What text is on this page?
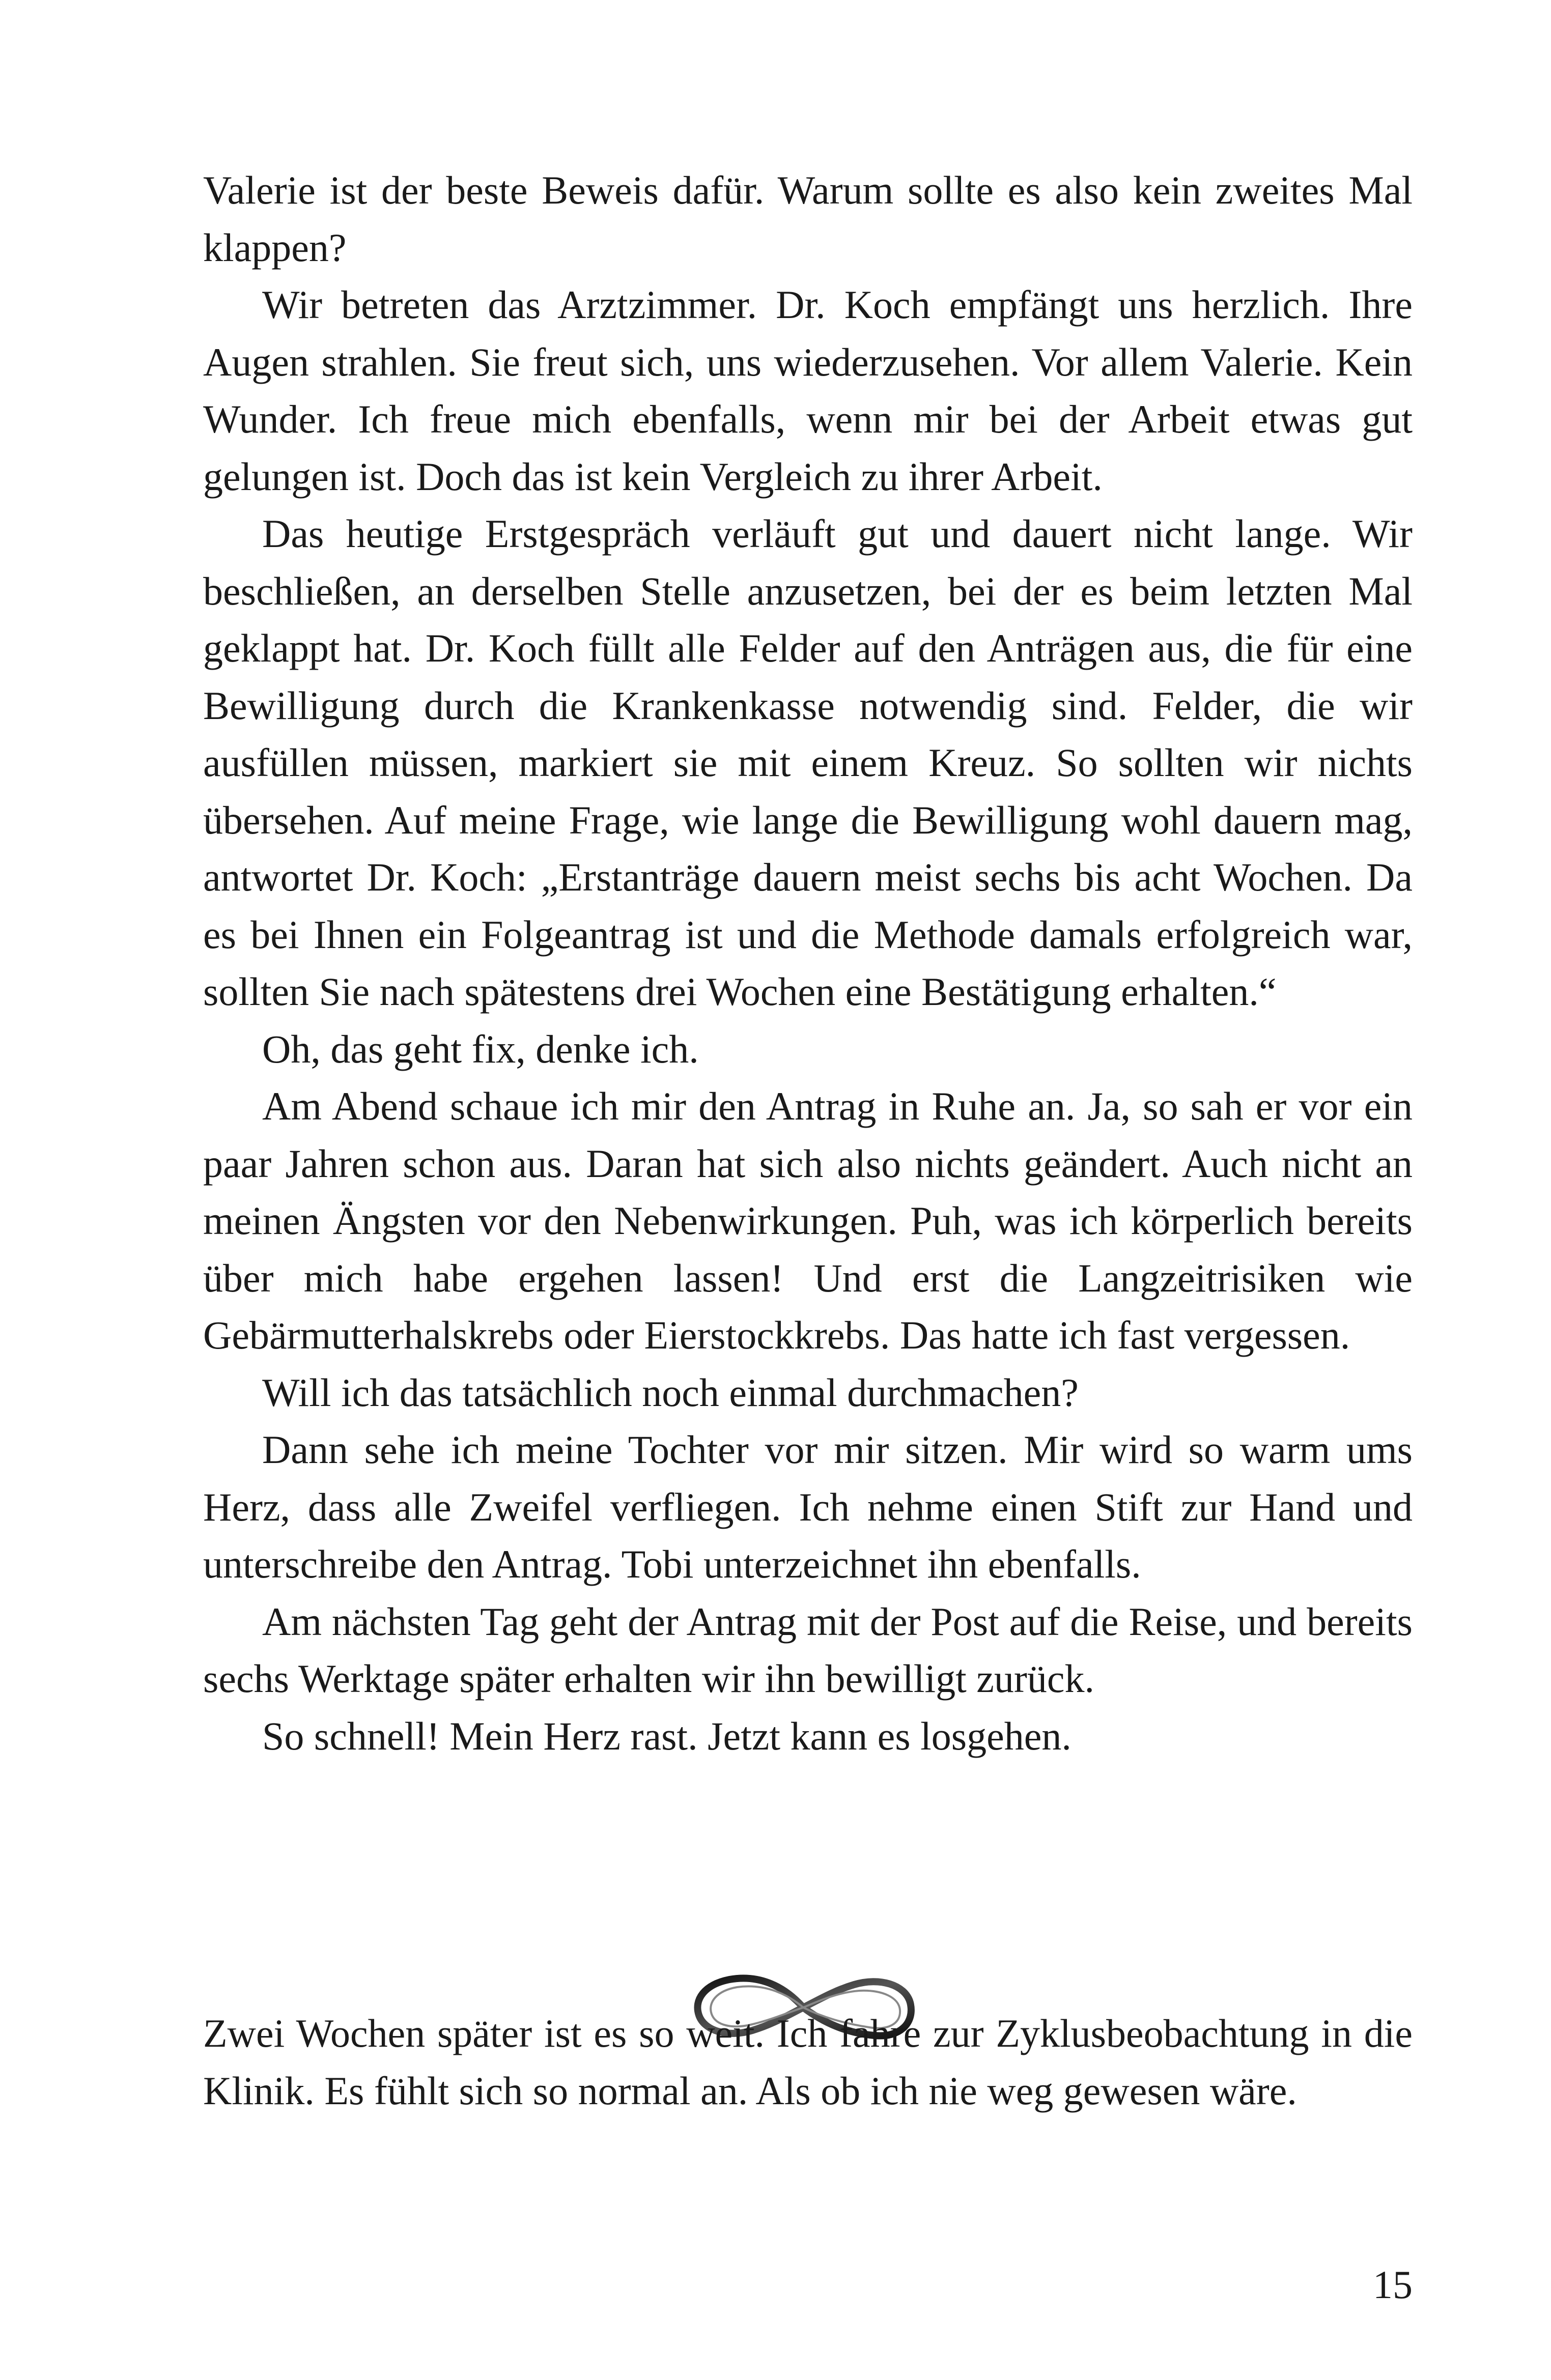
Valerie ist der beste Beweis dafür. Warum sollte es also kein zweites Mal klappen?

Wir betreten das Arztzimmer. Dr. Koch empfängt uns herzlich. Ihre Augen strahlen. Sie freut sich, uns wiederzusehen. Vor allem Valerie. Kein Wunder. Ich freue mich ebenfalls, wenn mir bei der Arbeit etwas gut gelungen ist. Doch das ist kein Vergleich zu ihrer Arbeit.

Das heutige Erstgespräch verläuft gut und dauert nicht lange. Wir beschließen, an derselben Stelle anzusetzen, bei der es beim letzten Mal geklappt hat. Dr. Koch füllt alle Felder auf den Anträgen aus, die für eine Bewilligung durch die Krankenkasse notwendig sind. Felder, die wir ausfüllen müssen, markiert sie mit einem Kreuz. So sollten wir nichts übersehen. Auf meine Frage, wie lange die Bewilligung wohl dauern mag, antwortet Dr. Koch: „Erstanträge dauern meist sechs bis acht Wochen. Da es bei Ihnen ein Folgeantrag ist und die Methode damals erfolgreich war, sollten Sie nach spätestens drei Wochen eine Bestätigung erhalten.“

Oh, das geht fix, denke ich.

Am Abend schaue ich mir den Antrag in Ruhe an. Ja, so sah er vor ein paar Jahren schon aus. Daran hat sich also nichts geändert. Auch nicht an meinen Ängsten vor den Nebenwirkungen. Puh, was ich körperlich bereits über mich habe ergehen lassen! Und erst die Langzeitrisiken wie Gebärmutterhalskrebs oder Eierstockkrebs. Das hatte ich fast vergessen.

Will ich das tatsächlich noch einmal durchmachen?

Dann sehe ich meine Tochter vor mir sitzen. Mir wird so warm ums Herz, dass alle Zweifel verfliegen. Ich nehme einen Stift zur Hand und unterschreibe den Antrag. Tobi unterzeichnet ihn ebenfalls.

Am nächsten Tag geht der Antrag mit der Post auf die Reise, und bereits sechs Werktage später erhalten wir ihn bewilligt zurück.

So schnell! Mein Herz rast. Jetzt kann es losgehen.

Zwei Wochen später ist es so weit. Ich fahre zur Zyklusbeobachtung in die Klinik. Es fühlt sich so normal an. Als ob ich nie weg gewesen wäre.

15
